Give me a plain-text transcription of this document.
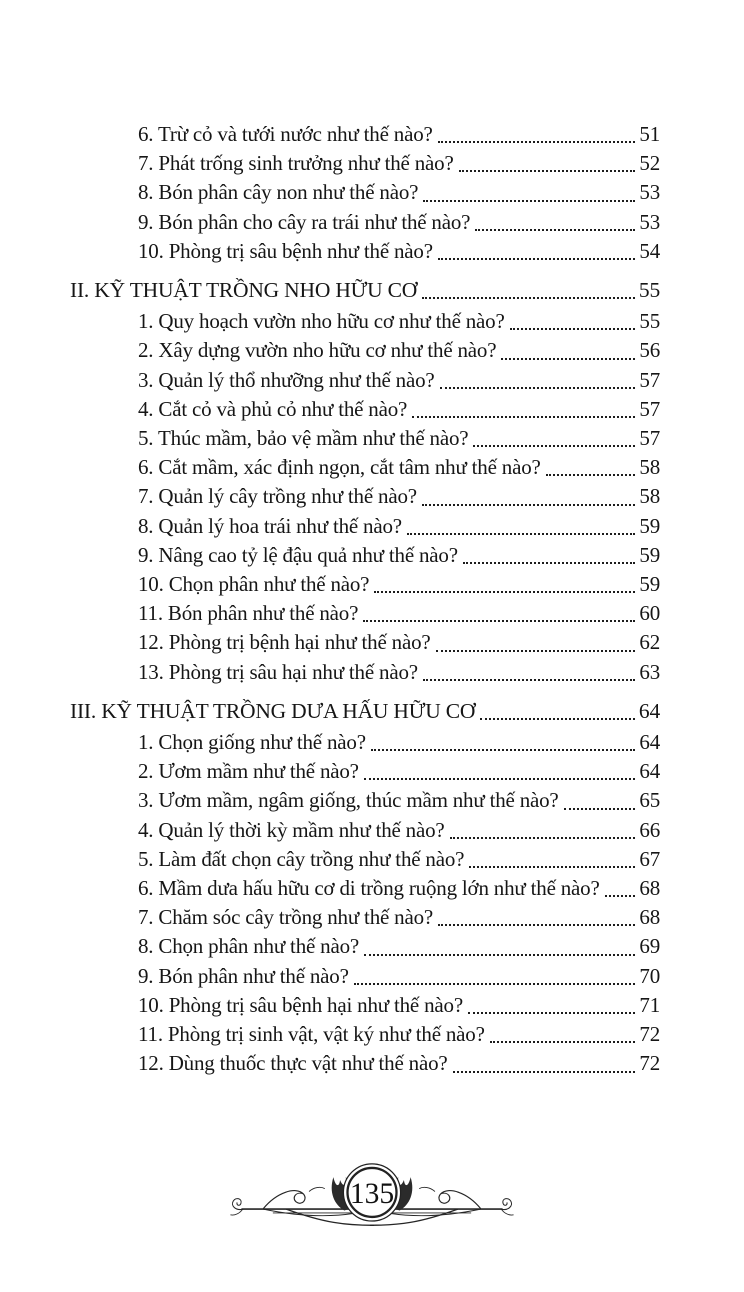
6. Trừ cỏ và tưới nước như thế nào?	51
7. Phát trống sinh trưởng như thế nào?	52
8. Bón phân cây non như thế nào?	53
9. Bón phân cho cây ra trái như thế nào?	53
10. Phòng trị sâu bệnh như thế nào?	54
II. KỸ THUẬT TRỒNG NHO HỮU CƠ	55
1. Quy hoạch vườn nho hữu cơ như thế nào?	55
2. Xây dựng vườn nho hữu cơ như thế nào?	56
3. Quản lý thổ nhưỡng như thế nào?	57
4. Cắt cỏ và phủ cỏ như thế nào?	57
5. Thúc mầm, bảo vệ mầm như thế nào?	57
6. Cắt mầm, xác định ngọn, cắt tâm như thế nào?	58
7. Quản lý cây trồng như thế nào?	58
8. Quản lý hoa trái như thế nào?	59
9. Nâng cao tỷ lệ đậu quả như thế nào?	59
10. Chọn phân như thế nào?	59
11. Bón phân như thế nào?	60
12. Phòng trị bệnh hại như thế nào?	62
13. Phòng trị sâu hại như thế nào?	63
III. KỸ THUẬT TRỒNG DƯA HẤU HỮU CƠ	64
1. Chọn giống như thế nào?	64
2. Ươm mầm như thế nào?	64
3. Ươm mầm, ngâm giống, thúc mầm như thế nào?	65
4. Quản lý thời kỳ mầm như thế nào?	66
5. Làm đất chọn cây trồng như thế nào?	67
6. Mầm dưa hấu hữu cơ di trồng ruộng lớn như thế nào? 68
7. Chăm sóc cây trồng như thế nào?	68
8. Chọn phân như thế nào?	69
9. Bón phân như thế nào?	70
10. Phòng trị sâu bệnh hại như thế nào?	71
11. Phòng trị sinh vật, vật ký như thế nào?	72
12. Dùng thuốc thực vật như thế nào?	72
135
